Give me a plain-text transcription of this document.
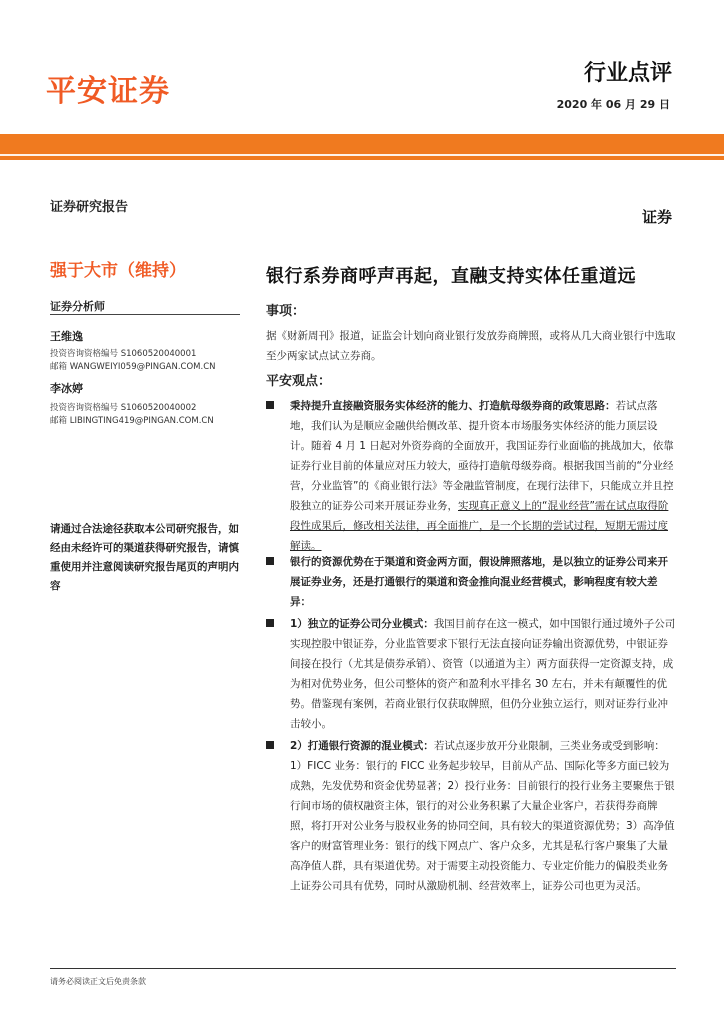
平安证券
行业点评
2020 年 06 月 29 日
证券研究报告
强于大市（维持）
证券分析师
王维逸
投资咨询资格编号 S1060520040001
邮箱 WANGWEIYI059@PINGAN.COM.CN
李冰婷
投资咨询资格编号 S1060520040002
邮箱 LIBINGTING419@PINGAN.COM.CN
请通过合法途径获取本公司研究报告，如经由未经许可的渠道获得研究报告，请慎重使用并注意阅读研究报告尾页的声明内容
证券
银行系券商呼声再起，直融支持实体任重道远
事项：
据《财新周刊》报道，证监会计划向商业银行发放券商牌照，或将从几大商业银行中选取至少两家试点试立券商。
平安观点：
秉持提升直接融资服务实体经济的能力、打造航母级券商的政策思路：若试点落地，我们认为是顺应金融供给侧改革、提升资本市场服务实体经济的能力顶层设计。随着 4 月 1 日起对外资券商的全面放开，我国证券行业面临的挑战加大，依靠证券行业目前的体量应对压力较大，亟待打造航母级券商。根据我国当前的“分业经营，分业监管”的《商业银行法》等金融监管制度，在现行法律下，只能成立并且控股独立的证券公司来开展证券业务，实现真正意义上的“混业经营”需在试点取得阶段性成果后，修改相关法律，再全面推广，是一个长期的尝试过程，短期无需过度解读。
银行的资源优势在于渠道和资金两方面，假设牌照落地，是以独立的证券公司来开展证券业务，还是打通银行的渠道和资金推向混业经营模式，影响程度有较大差异：
1）独立的证券公司分业模式：我国目前存在这一模式，如中国银行通过境外子公司实现控股中银证券，分业监管要求下银行无法直接向证券输出资源优势，中银证券间接在投行（尤其是债券承销）、资管（以通道为主）两方面获得一定资源支持，成为相对优势业务，但公司整体的资产和盈利水平排名 30 左右，并未有颠覆性的优势。借鉴现有案例，若商业银行仅获取牌照，但仍分业独立运行，则对证券行业冲击较小。
2）打通银行资源的混业模式：若试点逐步放开分业限制，三类业务或受到影响：1）FICC 业务：银行的 FICC 业务起步较早，目前从产品、国际化等多方面已较为成熟，先发优势和资金优势显著；2）投行业务：目前银行的投行业务主要聚焦于银行间市场的债权融资主体，银行的对公业务积累了大量企业客户，若获得券商牌照，将打开对公业务与股权业务的协同空间，具有较大的渠道资源优势；3）高净值客户的财富管理业务：银行的线下网点广、客户众多，尤其是私行客户聚集了大量高净值人群，具有渠道优势。对于需要主动投资能力、专业定价能力的偏股类业务上证券公司具有优势，同时从激励机制、经营效率上，证券公司也更为灵活。
请务必阅读正文后免责条款
